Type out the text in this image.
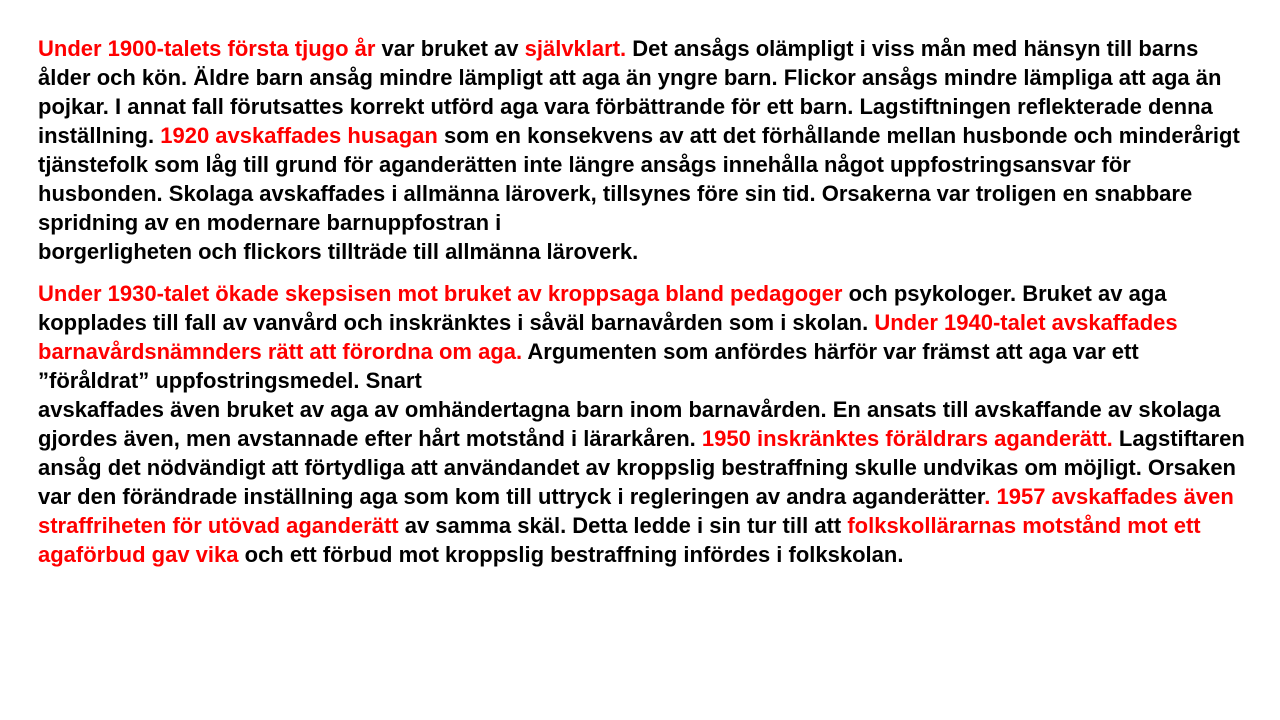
Under 1900-talets första tjugo år var bruket av självklart. Det ansågs olämpligt i viss mån med hänsyn till barns ålder och kön. Äldre barn ansåg mindre lämpligt att aga än yngre barn. Flickor ansågs mindre lämpliga att aga än pojkar. I annat fall förutsattes korrekt utförd aga vara förbättrande för ett barn. Lagstiftningen reflekterade denna inställning. 1920 avskaffades husagan som en konsekvens av att det förhållande mellan husbonde och minderårigt tjänstefolk som låg till grund för aganderätten inte längre ansågs innehålla något uppfostringsansvar för husbonden. Skolaga avskaffades i allmänna läroverk, tillsynes före sin tid. Orsakerna var troligen en snabbare spridning av en modernare barnuppfostran i
borgerligheten och flickors tillträde till allmänna läroverk.

Under 1930-talet ökade skepsisen mot bruket av kroppsaga bland pedagoger och psykologer. Bruket av aga kopplades till fall av vanvård och inskränktes i såväl barnavården som i skolan. Under 1940-talet avskaffades barnavårdsnämnders rätt att förordna om aga. Argumenten som anfördes härför var främst att aga var ett ”föråldrat” uppfostringsmedel. Snart
avskaffades även bruket av aga av omhändertagna barn inom barnavården. En ansats till avskaffande av skolaga gjordes även, men avstannade efter hårt motstånd i lärarkåren. 1950 inskränktes föräldrars aganderätt. Lagstiftaren ansåg det nödvändigt att förtydliga att användandet av kroppslig bestraffning skulle undvikas om möjligt. Orsaken var den förändrade inställning aga som kom till uttryck i regleringen av andra aganderätter. 1957 avskaffades även straffriheten för utövad aganderätt av samma skäl. Detta ledde i sin tur till att folkskollärarnas motstånd mot ett agaförbud gav vika och ett förbud mot kroppslig bestraffning infördes i folkskolan.
